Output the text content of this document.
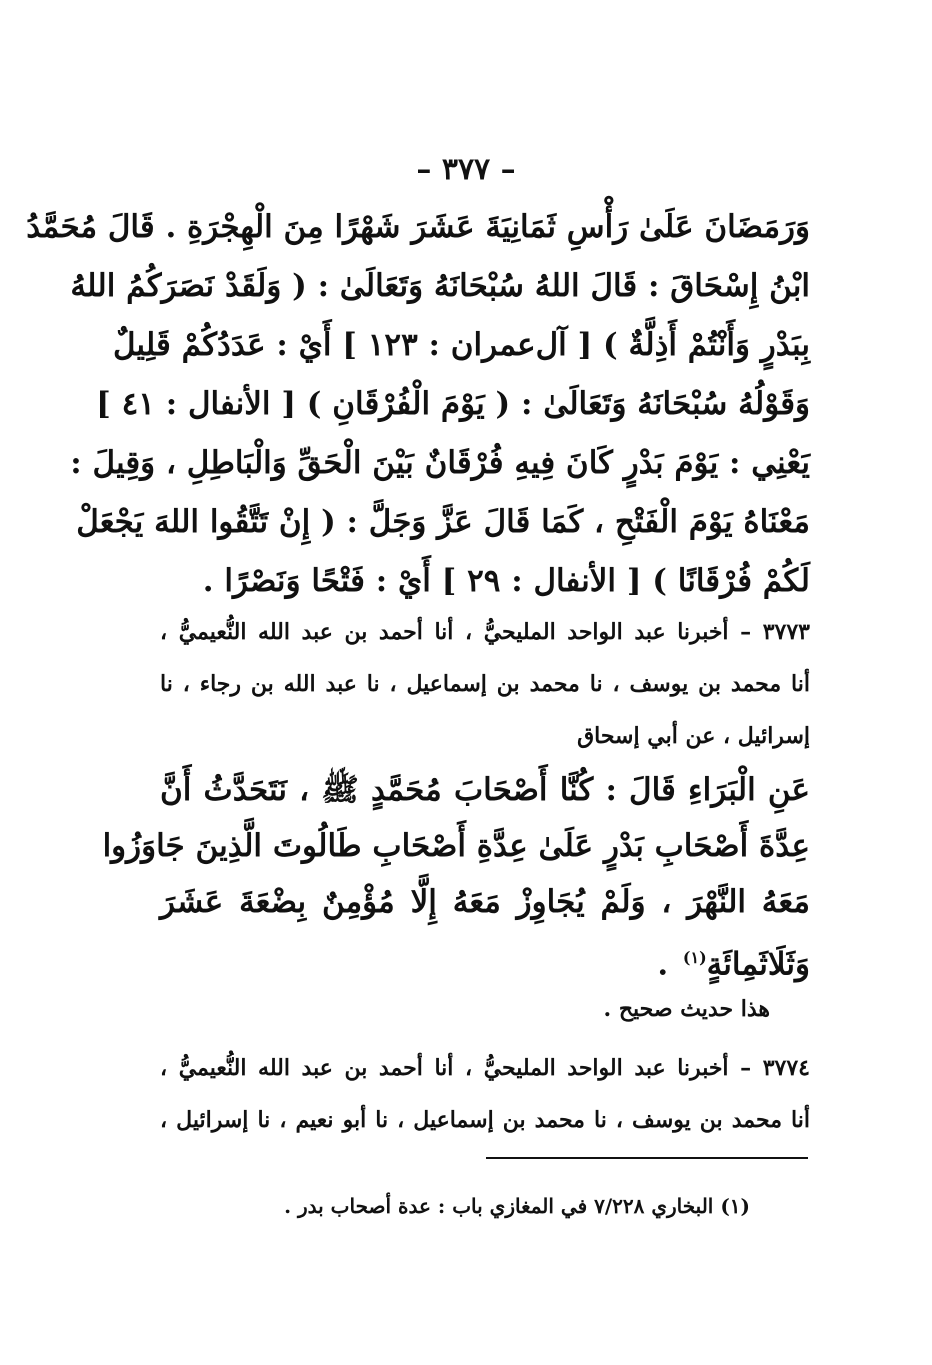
– ٣٧٧ –
وَرَمَضَانَ عَلَىٰ رَأْسِ ثَمَانِيَةَ عَشَرَ شَهْرًا مِنَ الْهِجْرَةِ . قَالَ مُحَمَّدُ
ابْنُ إِسْحَاقَ : قَالَ اللهُ سُبْحَانَهُ وَتَعَالَىٰ : ( وَلَقَدْ نَصَرَكُمُ اللهُ
بِبَدْرٍ وَأَنْتُمْ أَذِلَّةٌ ) [ آل‌عمران : ١٢٣ ] أَيْ : عَدَدُكُمْ قَلِيلٌ
وَقَوْلُهُ سُبْحَانَهُ وَتَعَالَىٰ : ( يَوْمَ الْفُرْقَانِ ) [ الأنفال : ٤١ ]
يَعْنِي : يَوْمَ بَدْرٍ كَانَ فِيهِ فُرْقَانٌ بَيْنَ الْحَقِّ وَالْبَاطِلِ ، وَقِيلَ :
مَعْنَاهُ يَوْمَ الْفَتْحِ ، كَمَا قَالَ عَزَّ وَجَلَّ : ( إِنْ تَتَّقُوا اللهَ يَجْعَلْ
لَكُمْ فُرْقَانًا ) [ الأنفال : ٢٩ ] أَيْ : فَتْحًا وَنَصْرًا .
٣٧٧٣ – أخبرنا عبد الواحد المليحيُّ ، أنا أحمد بن عبد الله النُّعيميُّ ،
أنا محمد بن يوسف ، نا محمد بن إسماعيل ، نا عبد الله بن رجاء ، نا
إسرائيل ، عن أبي إسحاق
عَنِ الْبَرَاءِ قَالَ : كُنَّا أَصْحَابَ مُحَمَّدٍ ﷺ ، نَتَحَدَّثُ أَنَّ
عِدَّةَ أَصْحَابِ بَدْرٍ عَلَىٰ عِدَّةِ أَصْحَابِ طَالُوتَ الَّذِينَ جَاوَزُوا
مَعَهُ النَّهْرَ ، وَلَمْ يُجَاوِزْ مَعَهُ إِلَّا مُؤْمِنٌ بِضْعَةَ عَشَرَ
وَثَلَاثَمِائَةٍ$^{(١)}$ .
هذا حديث صحيح .
٣٧٧٤ – أخبرنا عبد الواحد المليحيُّ ، أنا أحمد بن عبد الله النُّعيميُّ ،
أنا محمد بن يوسف ، نا محمد بن إسماعيل ، نا أبو نعيم ، نا إسرائيل ،
(١) البخاري ٧/٢٢٨ في المغازي باب : عدة أصحاب بدر .
